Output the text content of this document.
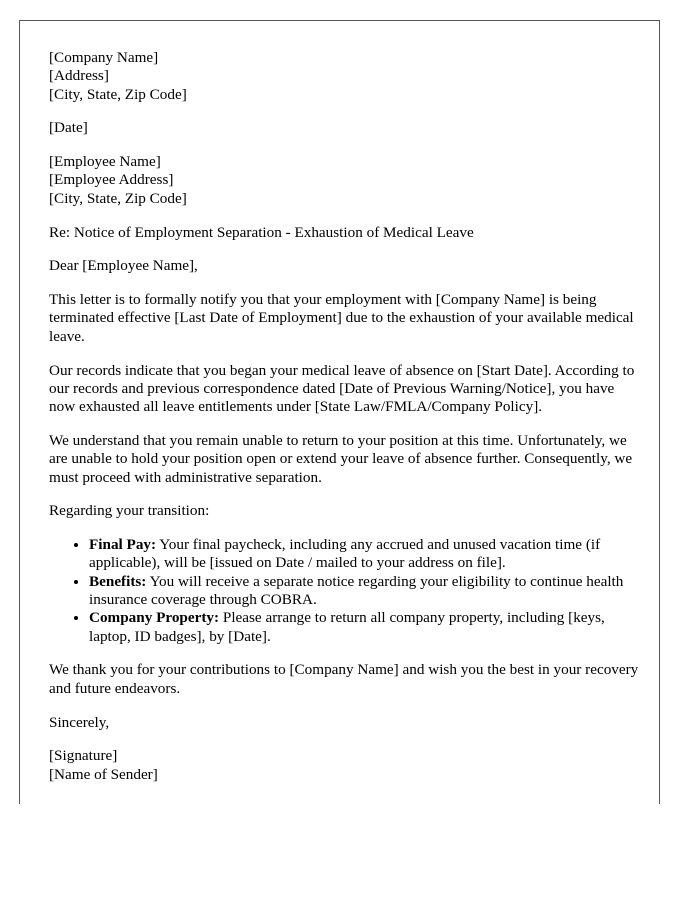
[Company Name]
[Address]
[City, State, Zip Code]
[Date]
[Employee Name]
[Employee Address]
[City, State, Zip Code]

Re: Notice of Employment Separation - Exhaustion of Medical Leave

Dear [Employee Name],

This letter is to formally notify you that your employment with [Company Name] is being terminated effective [Last Date of Employment] due to the exhaustion of your available medical leave.

Our records indicate that you began your medical leave of absence on [Start Date]. According to our records and previous correspondence dated [Date of Previous Warning/Notice], you have now exhausted all leave entitlements under [State Law/FMLA/Company Policy].

We understand that you remain unable to return to your position at this time. Unfortunately, we are unable to hold your position open or extend your leave of absence further. Consequently, we must proceed with administrative separation.

Regarding your transition:

• Final Pay: Your final paycheck, including any accrued and unused vacation time (if applicable), will be [issued on Date / mailed to your address on file].
• Benefits: You will receive a separate notice regarding your eligibility to continue health insurance coverage through COBRA.
• Company Property: Please arrange to return all company property, including [keys, laptop, ID badges], by [Date].

We thank you for your contributions to [Company Name] and wish you the best in your recovery and future endeavors.

Sincerely,

[Signature]
[Name of Sender]
